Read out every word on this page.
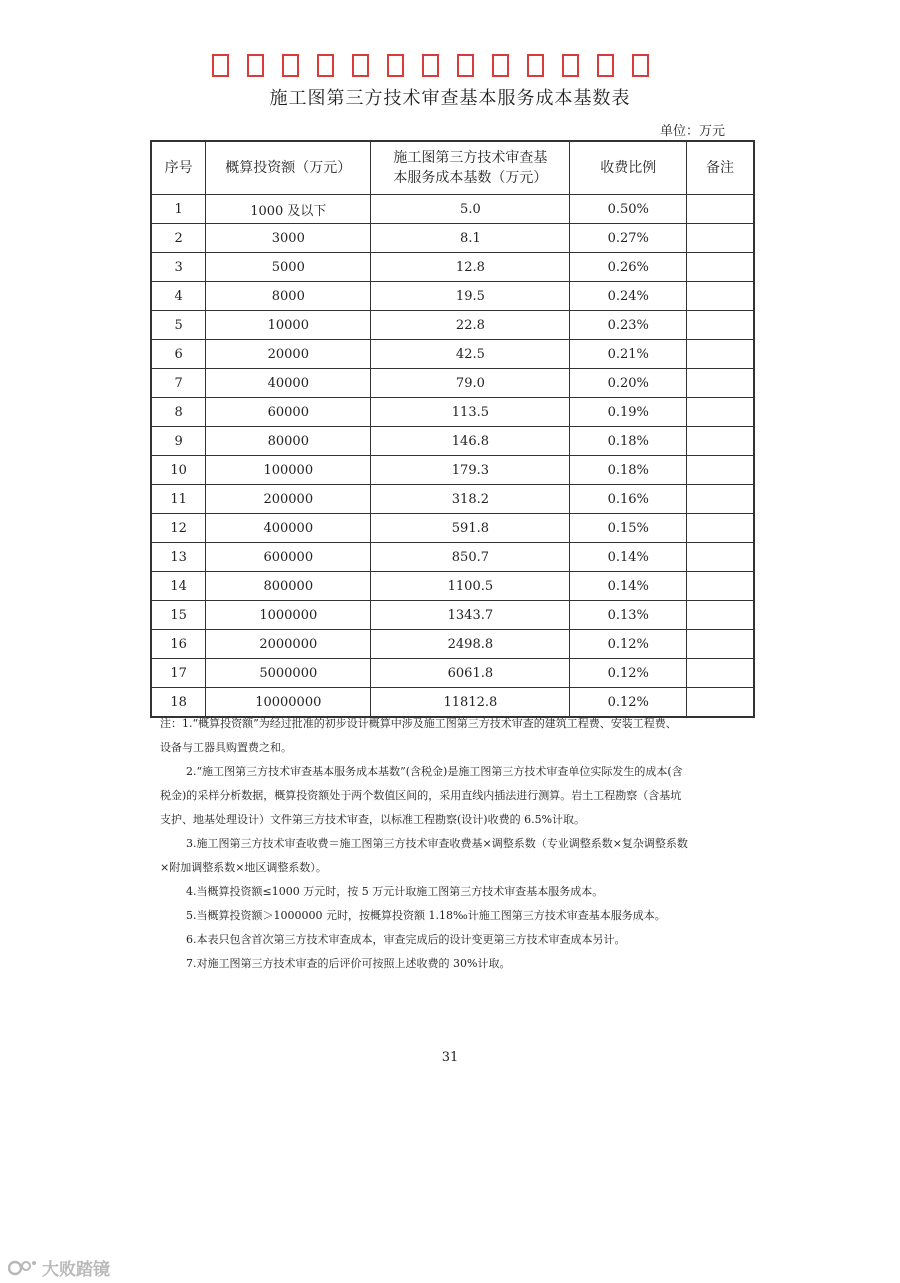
施工图第三方技术审查基本服务成本基数表
单位：万元
序号	概算投资额（万元）	施工图第三方技术审查基
本服务成本基数（万元）	收费比例	备注
1	1000 及以下	5.0	0.50%	
2	3000	8.1	0.27%	
3	5000	12.8	0.26%	
4	8000	19.5	0.24%	
5	10000	22.8	0.23%	
6	20000	42.5	0.21%	
7	40000	79.0	0.20%	
8	60000	113.5	0.19%	
9	80000	146.8	0.18%	
10	100000	179.3	0.18%	
11	200000	318.2	0.16%	
12	400000	591.8	0.15%	
13	600000	850.7	0.14%	
14	800000	1100.5	0.14%	
15	1000000	1343.7	0.13%	
16	2000000	2498.8	0.12%	
17	5000000	6061.8	0.12%	
18	10000000	11812.8	0.12%	

注：1.“概算投资额”为经过批准的初步设计概算中涉及施工图第三方技术审查的建筑工程费、安装工程费、

设备与工器具购置费之和。

2.“施工图第三方技术审查基本服务成本基数”(含税金)是施工图第三方技术审查单位实际发生的成本(含

税金)的采样分析数据，概算投资额处于两个数值区间的，采用直线内插法进行测算。岩土工程勘察（含基坑

支护、地基处理设计）文件第三方技术审查，以标准工程勘察(设计)收费的 6.5%计取。

3.施工图第三方技术审查收费＝施工图第三方技术审查收费基×调整系数（专业调整系数×复杂调整系数

×附加调整系数×地区调整系数）。

4.当概算投资额≤1000 万元时，按 5 万元计取施工图第三方技术审查基本服务成本。

5.当概算投资额＞1000000 元时，按概算投资额 1.18‰计施工图第三方技术审查基本服务成本。

6.本表只包含首次第三方技术审查成本，审查完成后的设计变更第三方技术审查成本另计。

7.对施工图第三方技术审查的后评价可按照上述收费的 30%计取。

31
大败踏镜
